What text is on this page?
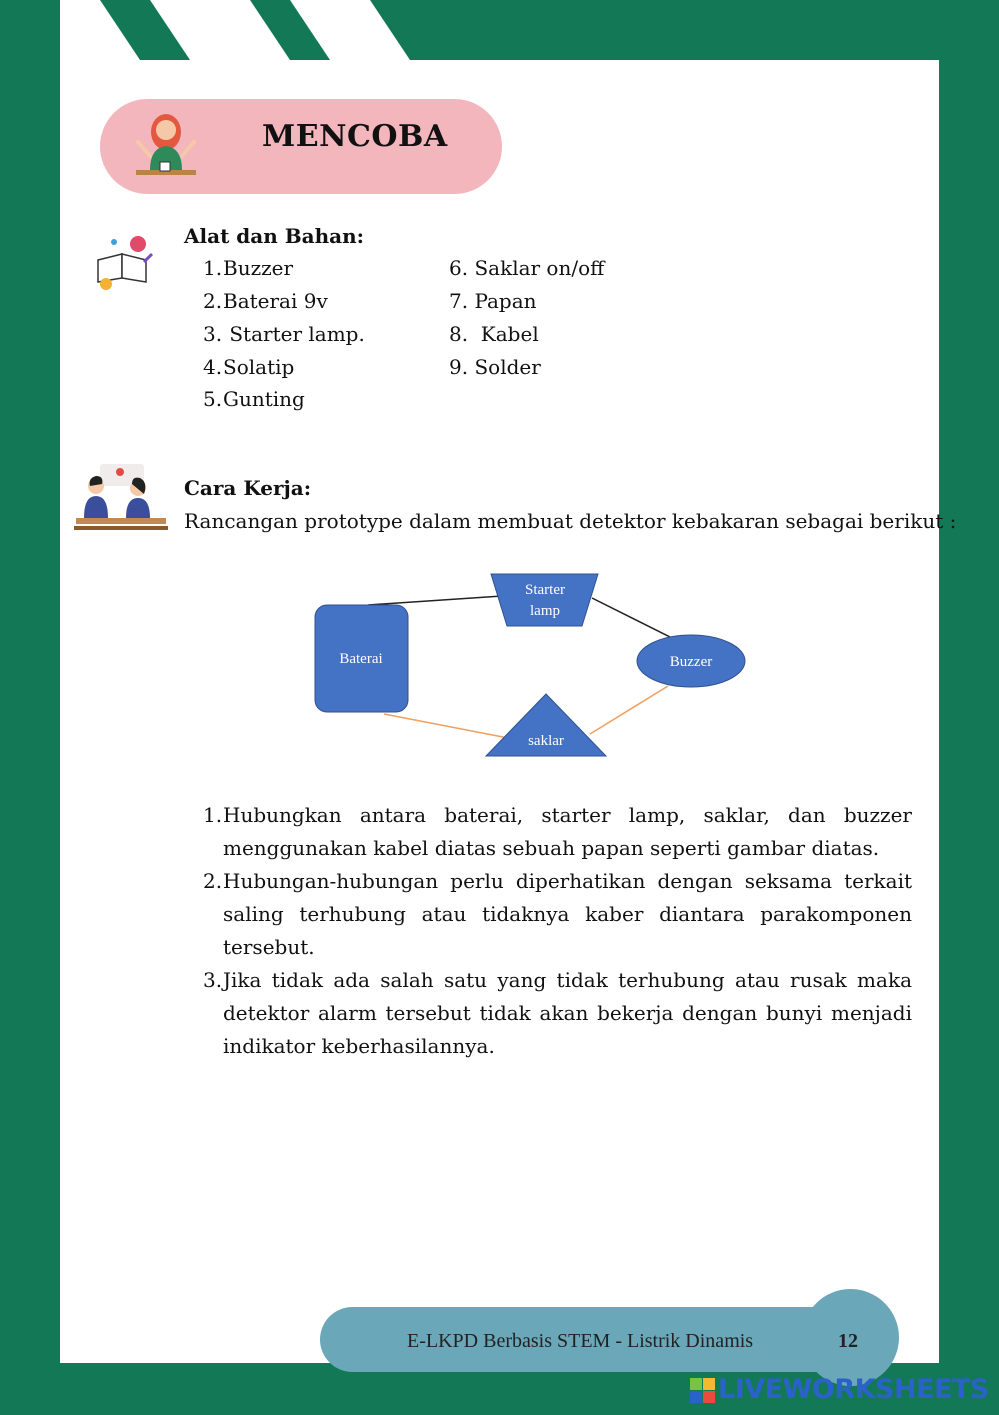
MENCOBA
Alat dan Bahan:
1.Buzzer
2.Baterai 9v
3. Starter lamp.
4.Solatip
5.Gunting
6. Saklar on/off
7. Papan
8.  Kabel
9. Solder
Cara Kerja:
Rancangan prototype dalam membuat detektor kebakaran sebagai berikut :
Baterai
Starter
lamp
Buzzer
saklar
1. Hubungkan antara baterai, starter lamp, saklar, dan buzzer menggunakan kabel diatas sebuah papan seperti gambar diatas.
2. Hubungan-hubungan perlu diperhatikan dengan seksama terkait saling terhubung atau tidaknya kaber diantara parakomponen tersebut.
3. Jika tidak ada salah satu yang tidak terhubung atau rusak maka detektor alarm tersebut tidak akan bekerja dengan bunyi menjadi indikator keberhasilannya.
E-LKPD Berbasis STEM - Listrik Dinamis	12
LIVEWORKSHEETS
